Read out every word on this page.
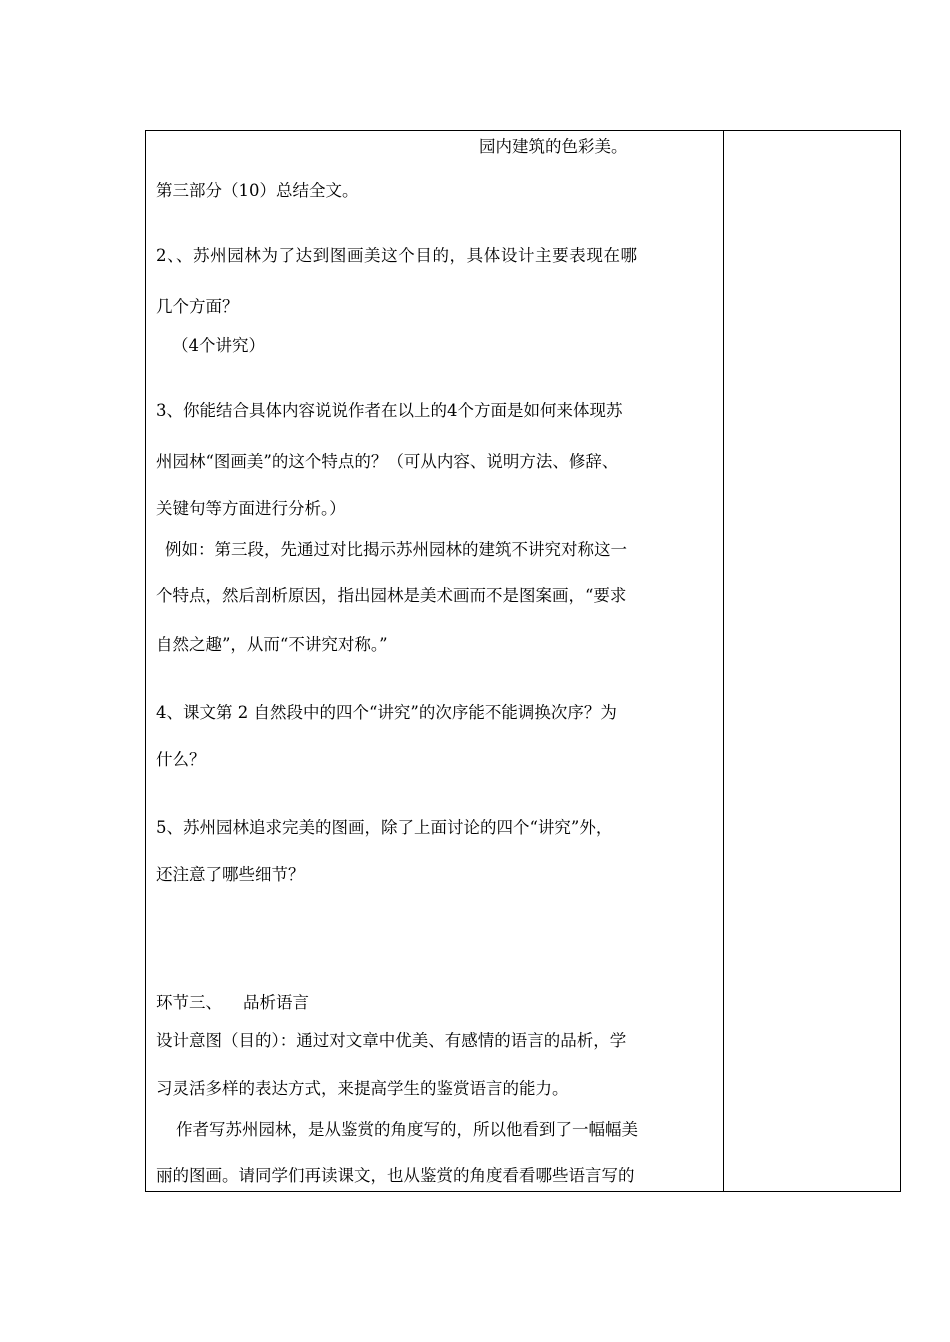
园内建筑的色彩美。
第三部分（10）总结全文。
2、、苏州园林为了达到图画美这个目的，具体设计主要表现在哪
几个方面？
（4个讲究）
3、你能结合具体内容说说作者在以上的4个方面是如何来体现苏
州园林“图画美”的这个特点的？（可从内容、说明方法、修辞、
关键句等方面进行分析。）
例如：第三段，先通过对比揭示苏州园林的建筑不讲究对称这一
个特点，然后剖析原因，指出园林是美术画而不是图案画，“要求
自然之趣”，从而“不讲究对称。”
4、课文第 2 自然段中的四个“讲究”的次序能不能调换次序？为
什么？
5、苏州园林追求完美的图画，除了上面讨论的四个“讲究”外，
还注意了哪些细节？
环节三、    品析语言
设计意图（目的）：通过对文章中优美、有感情的语言的品析，学
习灵活多样的表达方式，来提高学生的鉴赏语言的能力。
作者写苏州园林，是从鉴赏的角度写的，所以他看到了一幅幅美
丽的图画。请同学们再读课文，也从鉴赏的角度看看哪些语言写的
